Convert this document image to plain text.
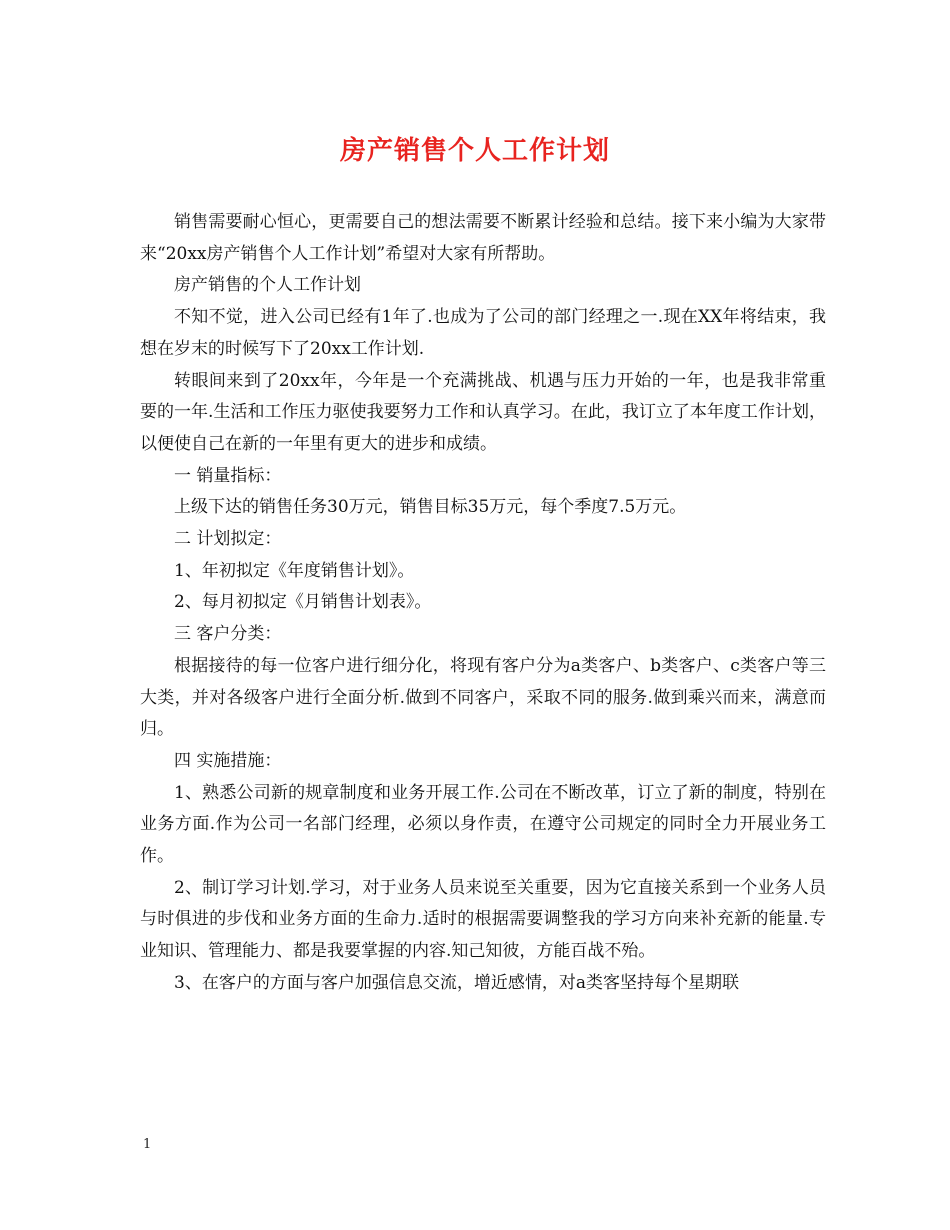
房产销售个人工作计划

销售需要耐心恒心，更需要自己的想法需要不断累计经验和总结。接下来小编为大家带来“20xx房产销售个人工作计划”希望对大家有所帮助。

房产销售的个人工作计划

不知不觉，进入公司已经有1年了.也成为了公司的部门经理之一.现在XX年将结束，我想在岁末的时候写下了20xx工作计划.

转眼间来到了20xx年，今年是一个充满挑战、机遇与压力开始的一年，也是我非常重要的一年.生活和工作压力驱使我要努力工作和认真学习。在此，我订立了本年度工作计划，以便使自己在新的一年里有更大的进步和成绩。

一 销量指标：

上级下达的销售任务30万元，销售目标35万元，每个季度7.5万元。

二 计划拟定：

1、年初拟定《年度销售计划》。

2、每月初拟定《月销售计划表》。

三 客户分类：

根据接待的每一位客户进行细分化，将现有客户分为a类客户、b类客户、c类客户等三大类，并对各级客户进行全面分析.做到不同客户，采取不同的服务.做到乘兴而来，满意而归。

四 实施措施：

1、熟悉公司新的规章制度和业务开展工作.公司在不断改革，订立了新的制度，特别在业务方面.作为公司一名部门经理，必须以身作责，在遵守公司规定的同时全力开展业务工作。

2、制订学习计划.学习，对于业务人员来说至关重要，因为它直接关系到一个业务人员与时俱进的步伐和业务方面的生命力.适时的根据需要调整我的学习方向来补充新的能量.专业知识、管理能力、都是我要掌握的内容.知己知彼，方能百战不殆。

3、在客户的方面与客户加强信息交流，增近感情，对a类客坚持每个星期联

1
